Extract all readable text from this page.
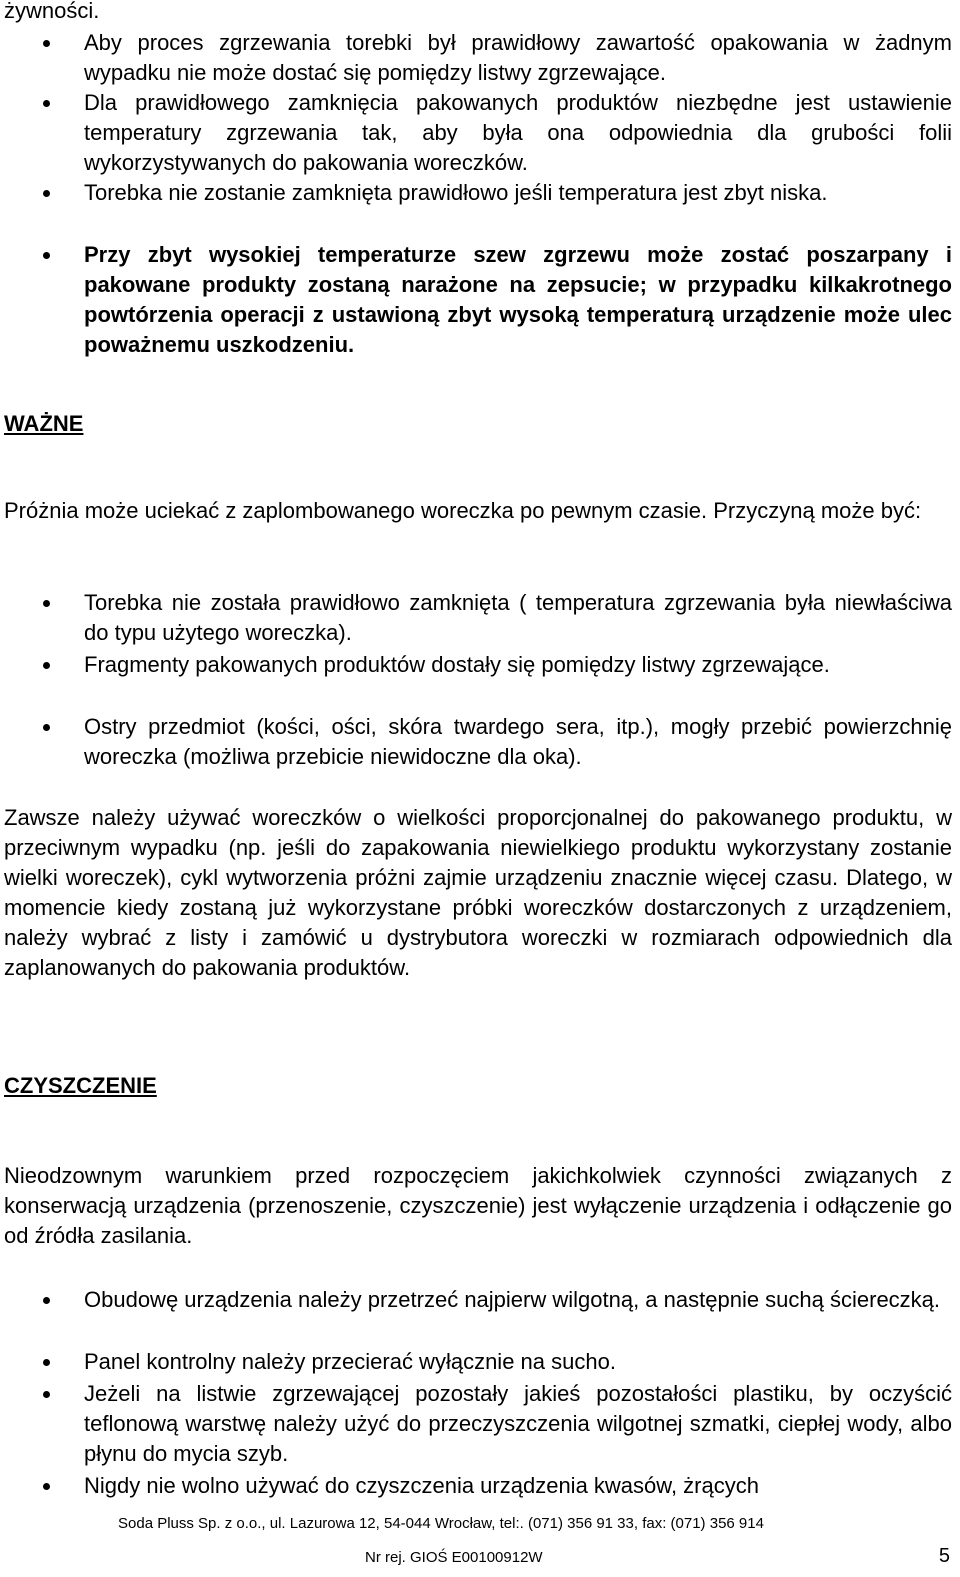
żywności.
Aby proces zgrzewania torebki był prawidłowy zawartość opakowania w żadnym wypadku nie może dostać się pomiędzy listwy zgrzewające.
Dla prawidłowego zamknięcia pakowanych produktów niezbędne jest ustawienie temperatury zgrzewania tak, aby była ona odpowiednia dla grubości folii wykorzystywanych do pakowania woreczków.
Torebka nie zostanie zamknięta prawidłowo jeśli temperatura jest zbyt niska.
Przy zbyt wysokiej temperaturze szew zgrzewu może zostać poszarpany i pakowane produkty zostaną narażone na zepsucie; w przypadku kilkakrotnego powtórzenia operacji z ustawioną zbyt wysoką temperaturą urządzenie może ulec poważnemu uszkodzeniu.
WAŻNE
Próżnia może uciekać z zaplombowanego woreczka po pewnym czasie. Przyczyną może być:
Torebka nie została prawidłowo zamknięta ( temperatura zgrzewania była niewłaściwa do typu użytego woreczka).
Fragmenty pakowanych produktów dostały się pomiędzy listwy zgrzewające.
Ostry przedmiot (kości, ości, skóra twardego sera, itp.), mogły przebić powierzchnię woreczka (możliwa przebicie niewidoczne dla oka).
Zawsze należy używać woreczków o wielkości proporcjonalnej do pakowanego produktu, w przeciwnym wypadku (np. jeśli do zapakowania niewielkiego produktu wykorzystany zostanie wielki woreczek), cykl wytworzenia próżni zajmie urządzeniu znacznie więcej czasu. Dlatego, w momencie kiedy zostaną już wykorzystane próbki woreczków dostarczonych z urządzeniem, należy wybrać z listy i zamówić u dystrybutora woreczki w rozmiarach odpowiednich dla zaplanowanych do pakowania produktów.
CZYSZCZENIE
Nieodzownym warunkiem przed rozpoczęciem jakichkolwiek czynności związanych z konserwacją urządzenia (przenoszenie, czyszczenie) jest wyłączenie urządzenia i odłączenie go od źródła zasilania.
Obudowę urządzenia należy przetrzeć najpierw wilgotną, a następnie suchą ściereczką.
Panel kontrolny należy przecierać wyłącznie na sucho.
Jeżeli na listwie zgrzewającej pozostały jakieś pozostałości plastiku, by oczyścić teflonową warstwę należy użyć do przeczyszczenia wilgotnej szmatki, ciepłej wody, albo płynu do mycia szyb.
Nigdy nie wolno używać do czyszczenia urządzenia kwasów, żrących
Soda Pluss Sp. z o.o., ul. Lazurowa 12, 54-044 Wrocław, tel:. (071) 356 91 33, fax: (071) 356 914
Nr rej. GIOŚ E00100912W	5
